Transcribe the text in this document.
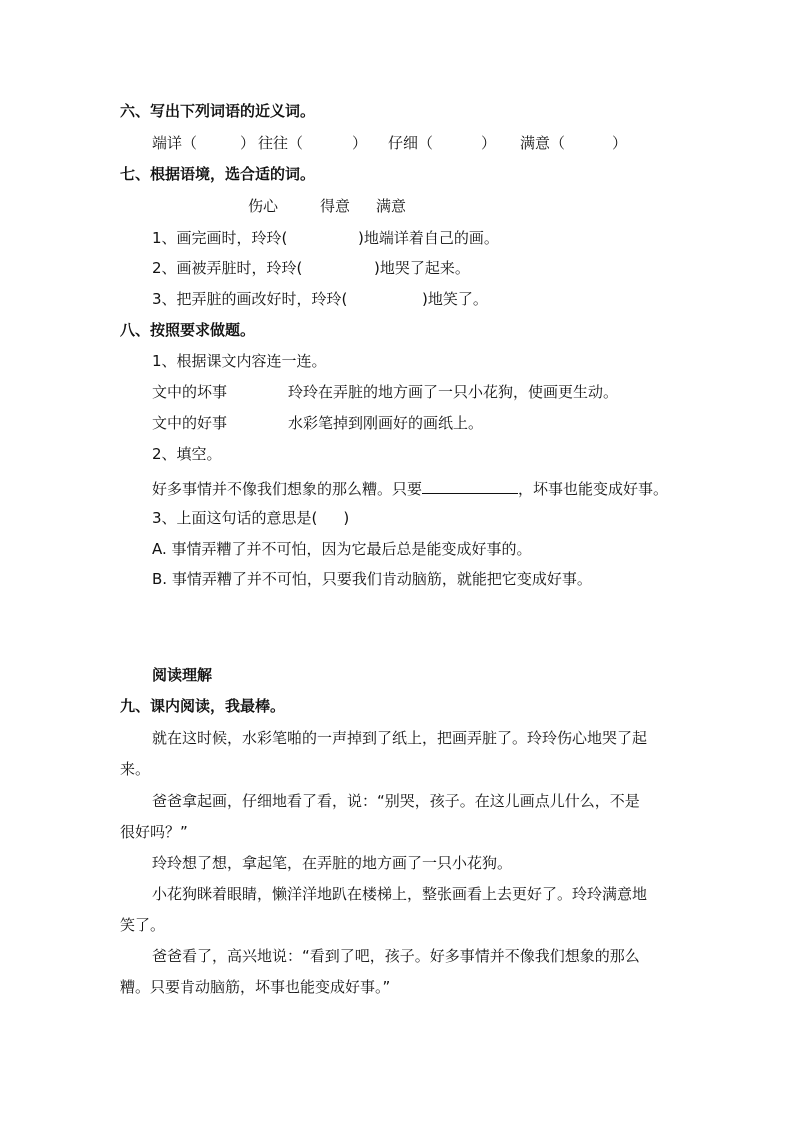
六、写出下列词语的近义词。
端详（	） 往往（	） 仔细（	） 满意（	）
七、根据语境，选合适的词。
伤心	得意 满意
1、画完画时，玲玲(	)地端详着自己的画。
2、画被弄脏时，玲玲(	)地哭了起来。
3、把弄脏的画改好时，玲玲(	)地笑了。
八、按照要求做题。
1、根据课文内容连一连。
文中的坏事	玲玲在弄脏的地方画了一只小花狗，使画更生动。
文中的好事	水彩笔掉到刚画好的画纸上。
2、填空。
好多事情并不像我们想象的那么糟。只要	，坏事也能变成好事。
3、上面这句话的意思是( )
A. 事情弄糟了并不可怕，因为它最后总是能变成好事的。
B. 事情弄糟了并不可怕，只要我们肯动脑筋，就能把它变成好事。
阅读理解
九、课内阅读，我最棒。
就在这时候，水彩笔啪的一声掉到了纸上，把画弄脏了。玲玲伤心地哭了起
来。
爸爸拿起画，仔细地看了看，说：“别哭，孩子。在这儿画点儿什么，不是
很好吗？”
玲玲想了想，拿起笔，在弄脏的地方画了一只小花狗。
小花狗眯着眼睛，懒洋洋地趴在楼梯上，整张画看上去更好了。玲玲满意地
笑了。
爸爸看了，高兴地说：“看到了吧，孩子。好多事情并不像我们想象的那么
糟。只要肯动脑筋，坏事也能变成好事。”
